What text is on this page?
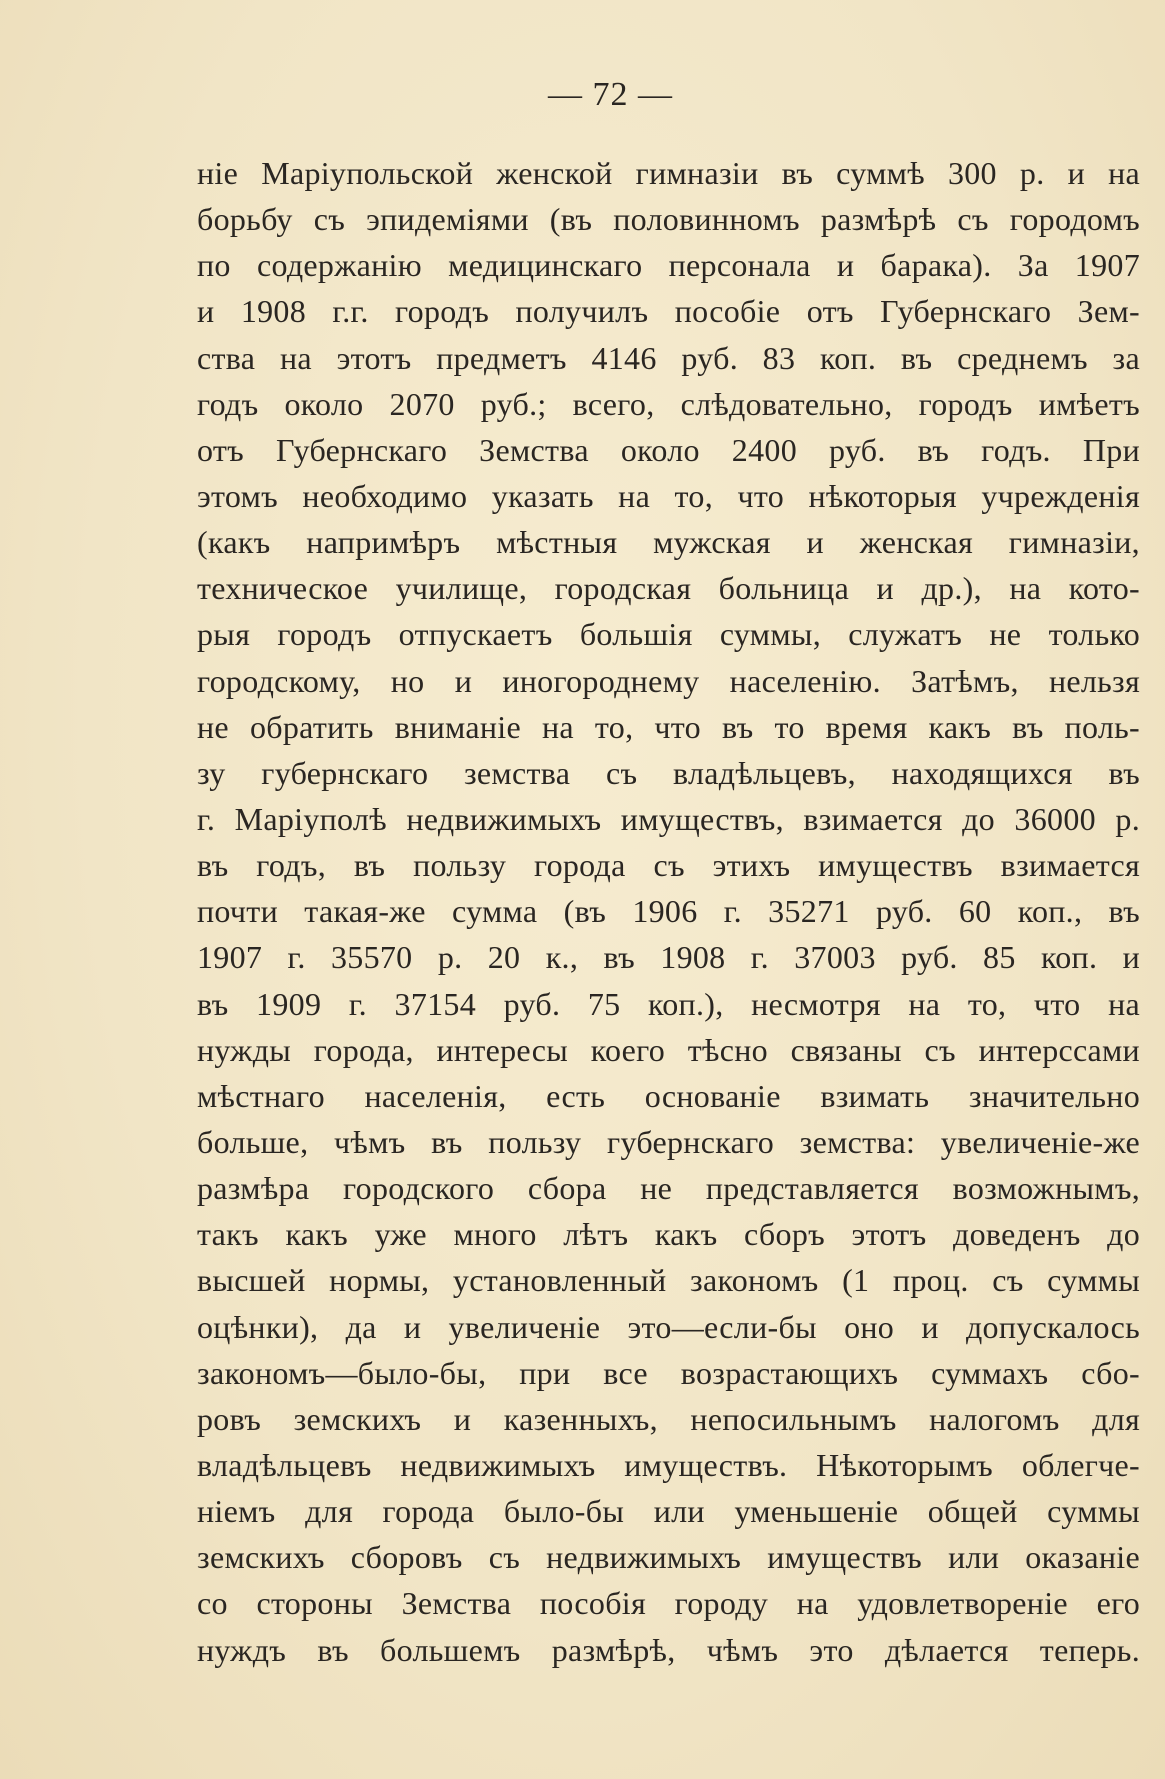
— 72 —
ніе Маріупольской женской гимназіи въ суммѣ 300 р. и на
борьбу съ эпидеміями (въ половинномъ размѣрѣ съ городомъ
по содержанію медицинскаго персонала и барака). За 1907
и 1908 г.г. городъ получилъ пособіе отъ Губернскаго Зем-
ства на этотъ предметъ 4146 руб. 83 коп. въ среднемъ за
годъ около 2070 руб.; всего, слѣдовательно, городъ имѣетъ
отъ Губернскаго Земства около 2400 руб. въ годъ. При
этомъ необходимо указать на то, что нѣкоторыя учрежденія
(какъ напримѣръ мѣстныя мужская и женская гимназіи,
техническое училище, городская больница и др.), на кото-
рыя городъ отпускаетъ большія суммы, служатъ не только
городскому, но и иногороднему населенію. Затѣмъ, нельзя
не обратить вниманіе на то, что въ то время какъ въ поль-
зу губернскаго земства съ владѣльцевъ, находящихся въ
г. Маріуполѣ недвижимыхъ имуществъ, взимается до 36000 р.
въ годъ, въ пользу города съ этихъ имуществъ взимается
почти такая-же сумма (въ 1906 г. 35271 руб. 60 коп., въ
1907 г. 35570 р. 20 к., въ 1908 г. 37003 руб. 85 коп. и
въ 1909 г. 37154 руб. 75 коп.), несмотря на то, что на
нужды города, интересы коего тѣсно связаны съ интерсcами
мѣстнаго населенія, есть основаніе взимать значительно
больше, чѣмъ въ пользу губернскаго земства: увеличеніе-же
размѣра городского сбора не представляется возможнымъ,
такъ какъ уже много лѣтъ какъ сборъ этотъ доведенъ до
высшей нормы, установленный закономъ (1 проц. съ суммы
оцѣнки), да и увеличеніе это—если-бы оно и допускалось
закономъ—было-бы, при все возрастающихъ суммахъ сбо-
ровъ земскихъ и казенныхъ, непосильнымъ налогомъ для
владѣльцевъ недвижимыхъ имуществъ. Нѣкоторымъ облегче-
ніемъ для города было-бы или уменьшеніе общей суммы
земскихъ сборовъ съ недвижимыхъ имуществъ или оказаніе
со стороны Земства пособія городу на удовлетвореніе его
нуждъ въ большемъ размѣрѣ, чѣмъ это дѣлается теперь.
